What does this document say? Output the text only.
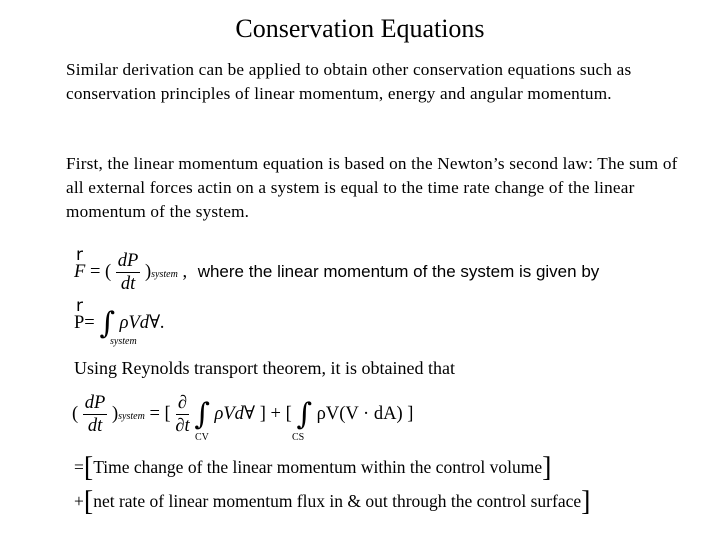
Conservation Equations
Similar derivation can be applied to obtain other conservation equations such as conservation principles of linear momentum, energy and angular momentum.
First, the linear momentum equation is based on the Newton’s second law: The sum of all external forces actin on a system is equal to the time rate change of the linear momentum of the system.
r F = ( $\frac{dP}{dt}$ )system , where the linear momentum of the system is given by
r P= ∫ ρVd∀.
system
Using Reynolds transport theorem, it is obtained that
( $\frac{dP}{dt}$ )system = [ $\frac{\partial}{\partial t}$ ∫ ρVd∀ ] + [ ∫ ρV(V · dA) ]
CV	CS
=[Time change of the linear momentum within the control volume]
+[net rate of linear momentum flux in & out through the control surface]
